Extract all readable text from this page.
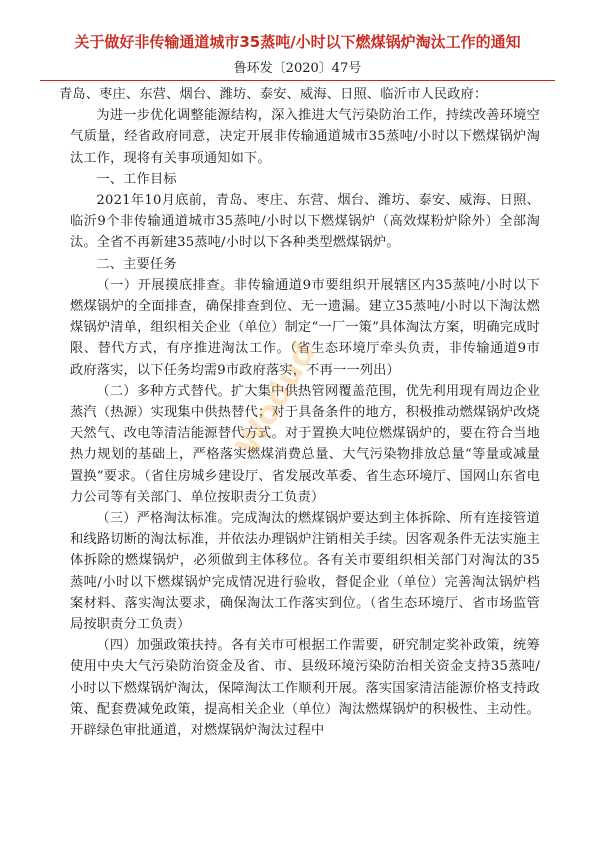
关于做好非传输通道城市35蒸吨/小时以下燃煤锅炉淘汰工作的通知
鲁环发〔2020〕47号

青岛、枣庄、东营、烟台、潍坊、泰安、威海、日照、临沂市人民政府：

为进一步优化调整能源结构，深入推进大气污染防治工作，持续改善环境空气质量，经省政府同意，决定开展非传输通道城市35蒸吨/小时以下燃煤锅炉淘汰工作，现将有关事项通知如下。

一、工作目标

2021年10月底前，青岛、枣庄、东营、烟台、潍坊、泰安、威海、日照、临沂9个非传输通道城市35蒸吨/小时以下燃煤锅炉（高效煤粉炉除外）全部淘汰。全省不再新建35蒸吨/小时以下各种类型燃煤锅炉。

二、主要任务

（一）开展摸底排查。非传输通道9市要组织开展辖区内35蒸吨/小时以下燃煤锅炉的全面排查，确保排查到位、无一遗漏。建立35蒸吨/小时以下淘汰燃煤锅炉清单，组织相关企业（单位）制定“一厂一策”具体淘汰方案，明确完成时限、替代方式，有序推进淘汰工作。（省生态环境厅牵头负责，非传输通道9市政府落实，以下任务均需9市政府落实，不再一一列出）

（二）多种方式替代。扩大集中供热管网覆盖范围，优先利用现有周边企业蒸汽（热源）实现集中供热替代；对于具备条件的地方，积极推动燃煤锅炉改烧天然气、改电等清洁能源替代方式。对于置换大吨位燃煤锅炉的，要在符合当地热力规划的基础上，严格落实燃煤消费总量、大气污染物排放总量“等量或减量置换”要求。（省住房城乡建设厅、省发展改革委、省生态环境厅、国网山东省电力公司等有关部门、单位按职责分工负责）

（三）严格淘汰标准。完成淘汰的燃煤锅炉要达到主体拆除、所有连接管道和线路切断的淘汰标准，并依法办理锅炉注销相关手续。因客观条件无法实施主体拆除的燃煤锅炉，必须做到主体移位。各有关市要组织相关部门对淘汰的35蒸吨/小时以下燃煤锅炉完成情况进行验收，督促企业（单位）完善淘汰锅炉档案材料、落实淘汰要求，确保淘汰工作落实到位。（省生态环境厅、省市场监管局按职责分工负责）

（四）加强政策扶持。各有关市可根据工作需要，研究制定奖补政策，统筹使用中央大气污染防治资金及省、市、县级环境污染防治相关资金支持35蒸吨/小时以下燃煤锅炉淘汰，保障淘汰工作顺利开展。落实国家清洁能源价格支持政策、配套费减免政策，提高相关企业（单位）淘汰燃煤锅炉的积极性、主动性。开辟绿色审批通道，对燃煤锅炉淘汰过程中

Wodud
